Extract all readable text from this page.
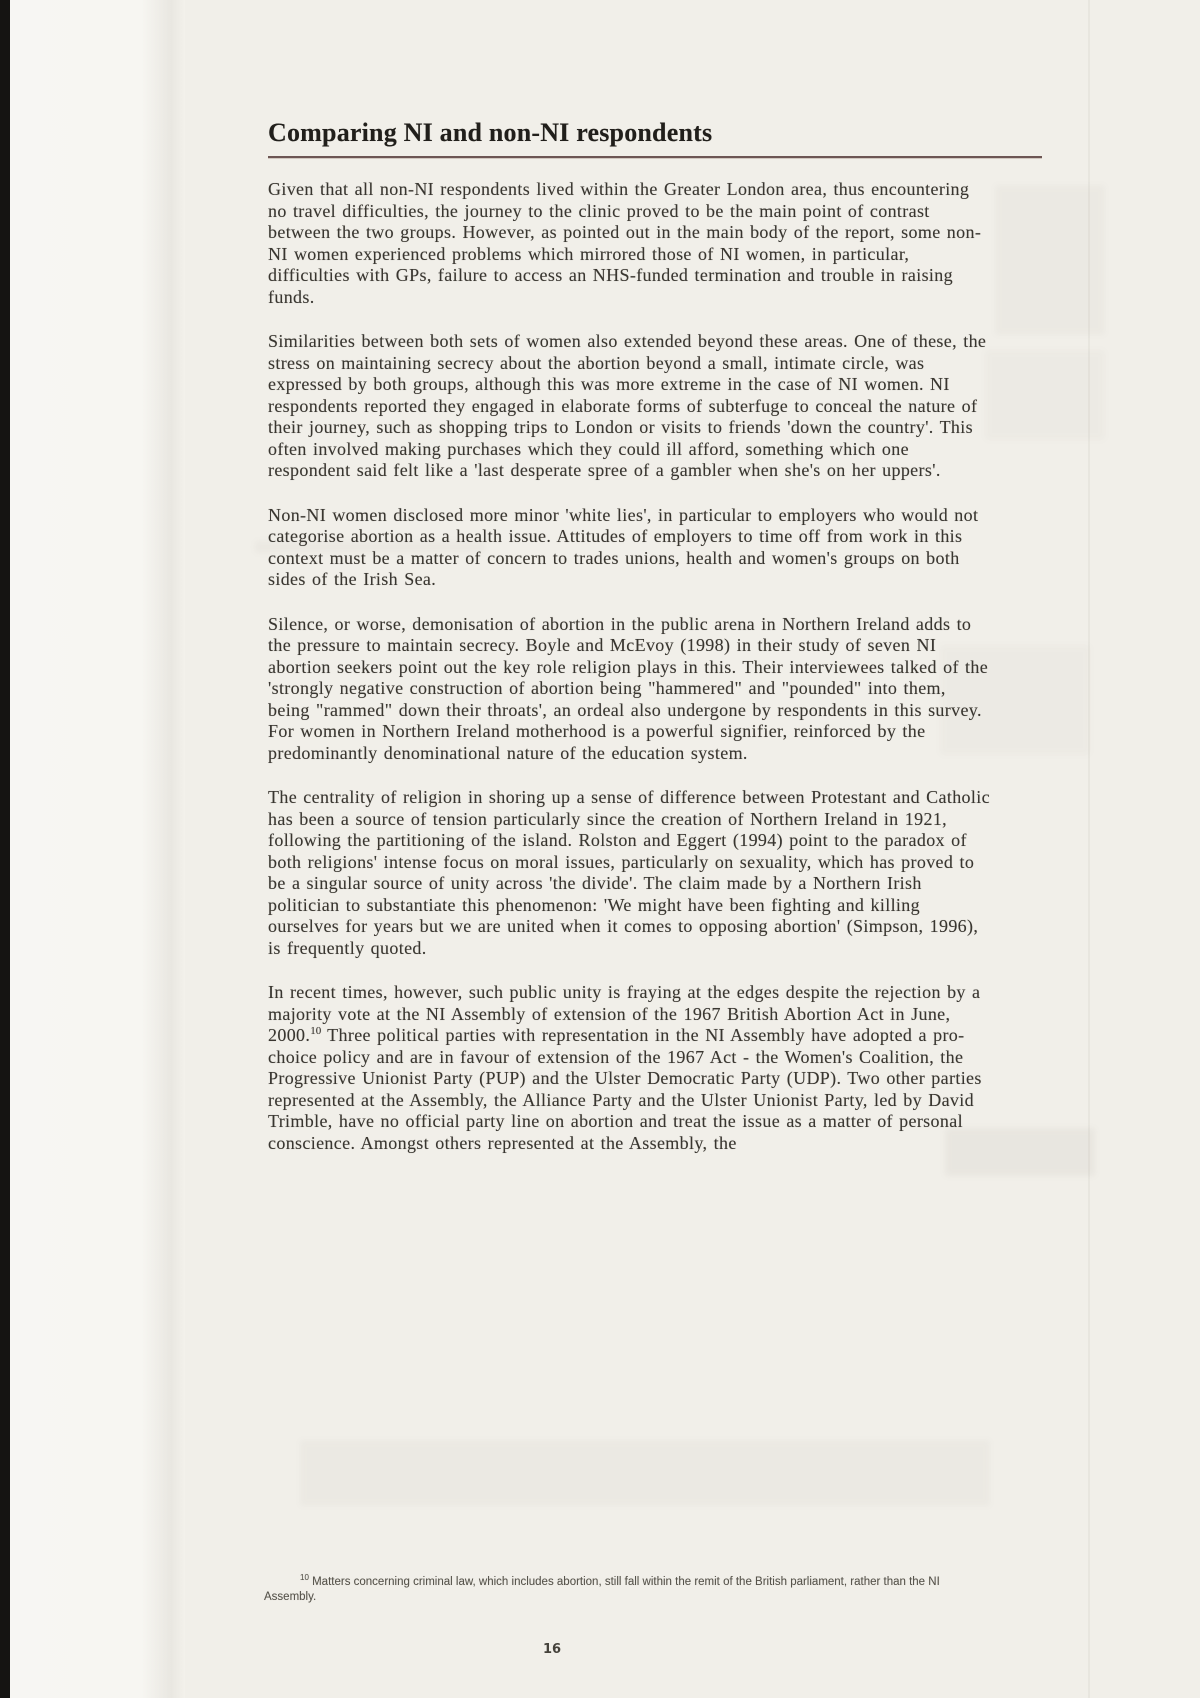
Comparing NI and non-NI respondents

Given that all non-NI respondents lived within the Greater London area, thus encountering no travel difficulties, the journey to the clinic proved to be the main point of contrast between the two groups. However, as pointed out in the main body of the report, some non-NI women experienced problems which mirrored those of NI women, in particular, difficulties with GPs, failure to access an NHS-funded termination and trouble in raising funds.

Similarities between both sets of women also extended beyond these areas. One of these, the stress on maintaining secrecy about the abortion beyond a small, intimate circle, was expressed by both groups, although this was more extreme in the case of NI women. NI respondents reported they engaged in elaborate forms of subterfuge to conceal the nature of their journey, such as shopping trips to London or visits to friends 'down the country'. This often involved making purchases which they could ill afford, something which one respondent said felt like a 'last desperate spree of a gambler when she's on her uppers'.

Non-NI women disclosed more minor 'white lies', in particular to employers who would not categorise abortion as a health issue. Attitudes of employers to time off from work in this context must be a matter of concern to trades unions, health and women's groups on both sides of the Irish Sea.

Silence, or worse, demonisation of abortion in the public arena in Northern Ireland adds to the pressure to maintain secrecy. Boyle and McEvoy (1998) in their study of seven NI abortion seekers point out the key role religion plays in this. Their interviewees talked of the 'strongly negative construction of abortion being "hammered" and "pounded" into them, being "rammed" down their throats', an ordeal also undergone by respondents in this survey. For women in Northern Ireland motherhood is a powerful signifier, reinforced by the predominantly denominational nature of the education system.

The centrality of religion in shoring up a sense of difference between Protestant and Catholic has been a source of tension particularly since the creation of Northern Ireland in 1921, following the partitioning of the island. Rolston and Eggert (1994) point to the paradox of both religions' intense focus on moral issues, particularly on sexuality, which has proved to be a singular source of unity across 'the divide'. The claim made by a Northern Irish politician to substantiate this phenomenon: 'We might have been fighting and killing ourselves for years but we are united when it comes to opposing abortion' (Simpson, 1996), is frequently quoted.

In recent times, however, such public unity is fraying at the edges despite the rejection by a majority vote at the NI Assembly of extension of the 1967 British Abortion Act in June, 2000.10 Three political parties with representation in the NI Assembly have adopted a pro-choice policy and are in favour of extension of the 1967 Act - the Women's Coalition, the Progressive Unionist Party (PUP) and the Ulster Democratic Party (UDP). Two other parties represented at the Assembly, the Alliance Party and the Ulster Unionist Party, led by David Trimble, have no official party line on abortion and treat the issue as a matter of personal conscience. Amongst others represented at the Assembly, the

$^{10}$ Matters concerning criminal law, which includes abortion, still fall within the remit of the British parliament, rather than the NI Assembly.

16
